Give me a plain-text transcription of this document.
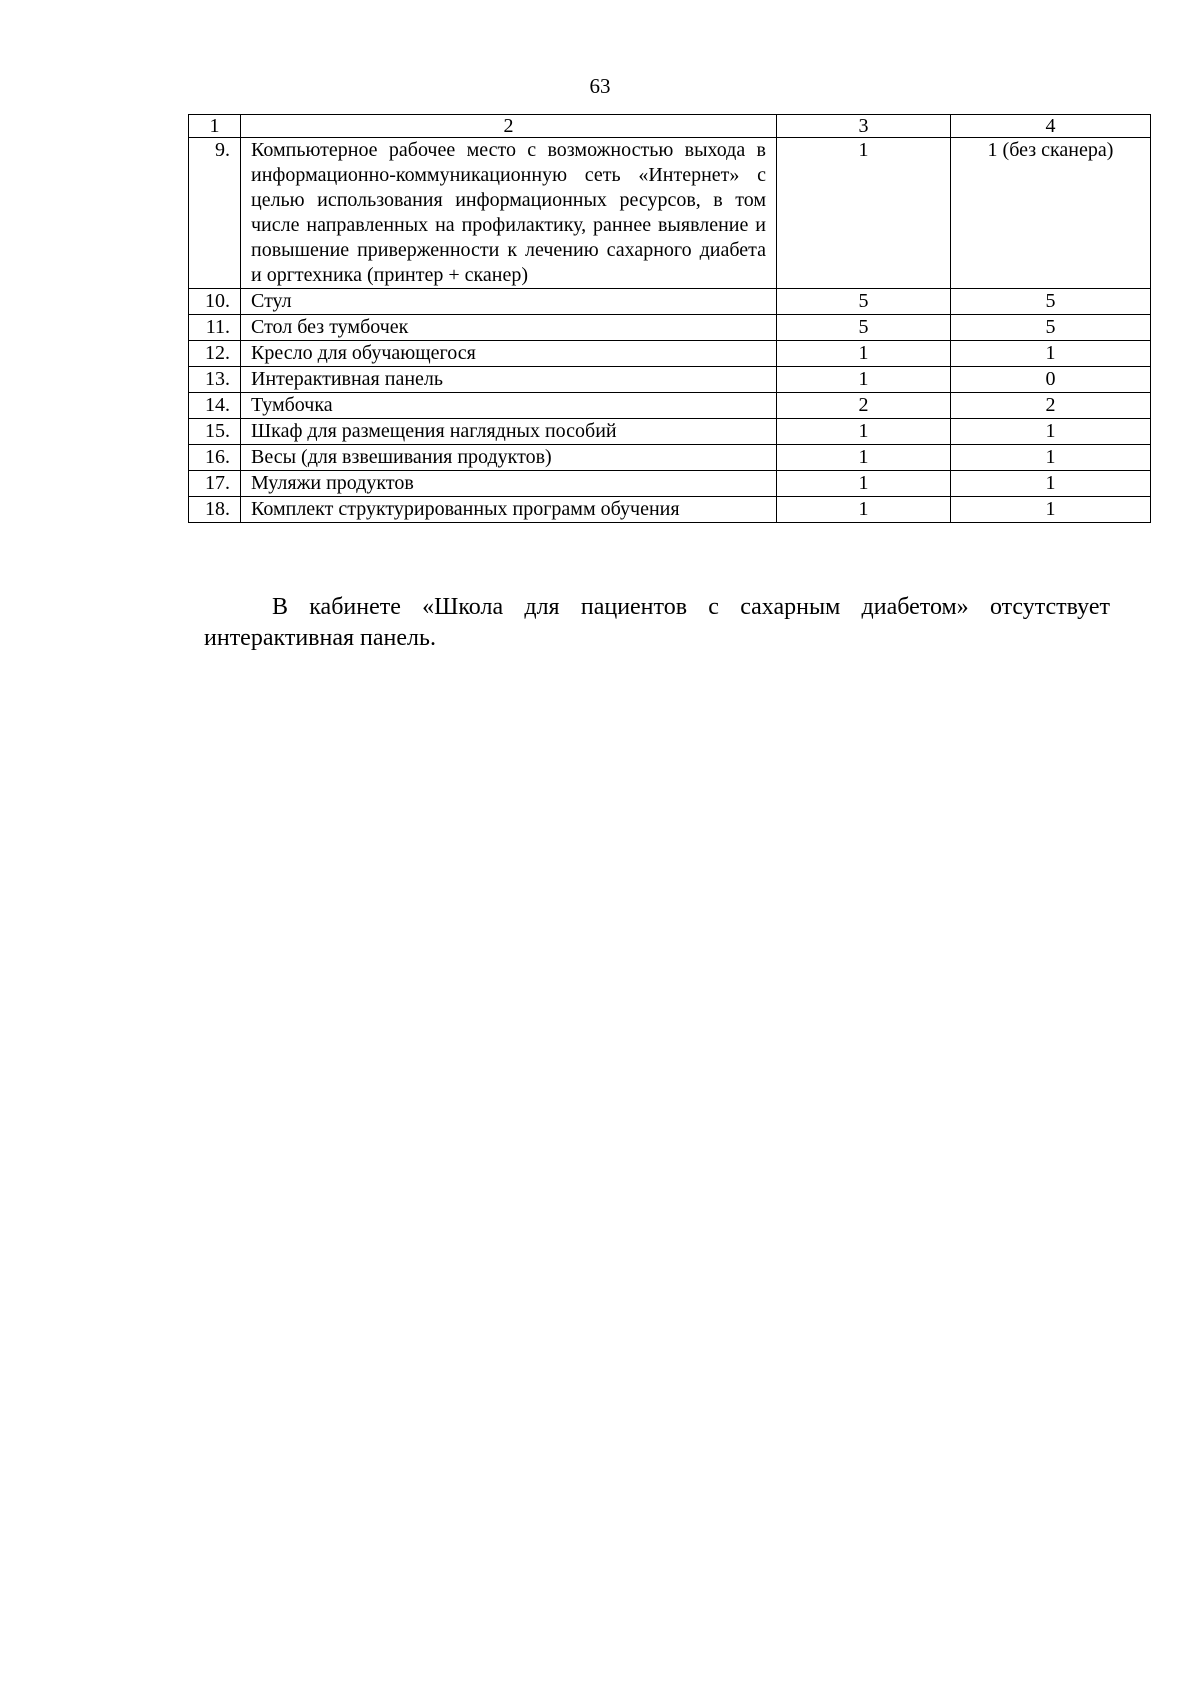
63
1	2	3	4
9.	Компьютерное рабочее место с возможностью выхода в информационно-коммуникационную сеть «Интернет» с целью использования информационных ресурсов, в том числе направленных на профилактику, раннее выявление и повышение приверженности к лечению сахарного диабета и оргтехника (принтер + сканер)	1	1 (без сканера)
10.	Стул	5	5
11.	Стол без тумбочек	5	5
12.	Кресло для обучающегося	1	1
13.	Интерактивная панель	1	0
14.	Тумбочка	2	2
15.	Шкаф для размещения наглядных пособий	1	1
16.	Весы (для взвешивания продуктов)	1	1
17.	Муляжи продуктов	1	1
18.	Комплект структурированных программ обучения	1	1

В кабинете «Школа для пациентов с сахарным диабетом» отсутствует интерактивная панель.
